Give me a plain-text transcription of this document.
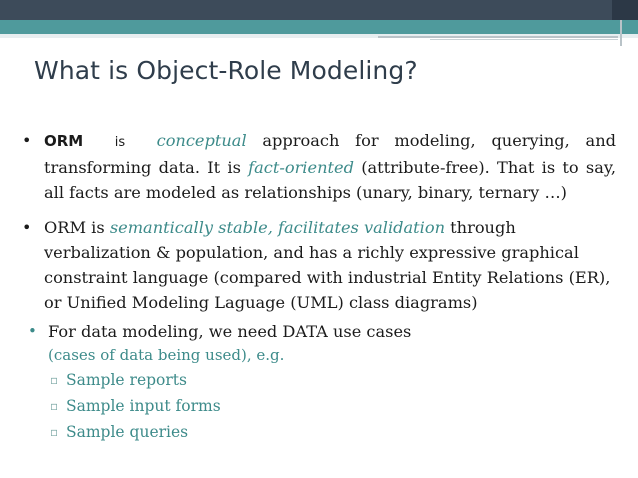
What is Object-Role Modeling?
• ORM is conceptual approach for modeling, querying, and transforming data. It is fact-oriented (attribute-free). That is to say, all facts are modeled as relationships (unary, binary, ternary …)
• ORM is semantically stable, facilitates validation through verbalization & population, and has a richly expressive graphical constraint language (compared with industrial Entity Relations (ER), or Unified Modeling Laguage (UML) class diagrams)
• For data modeling, we need DATA use cases
(cases of data being used), e.g.
▫ Sample reports
▫ Sample input forms
▫ Sample queries
